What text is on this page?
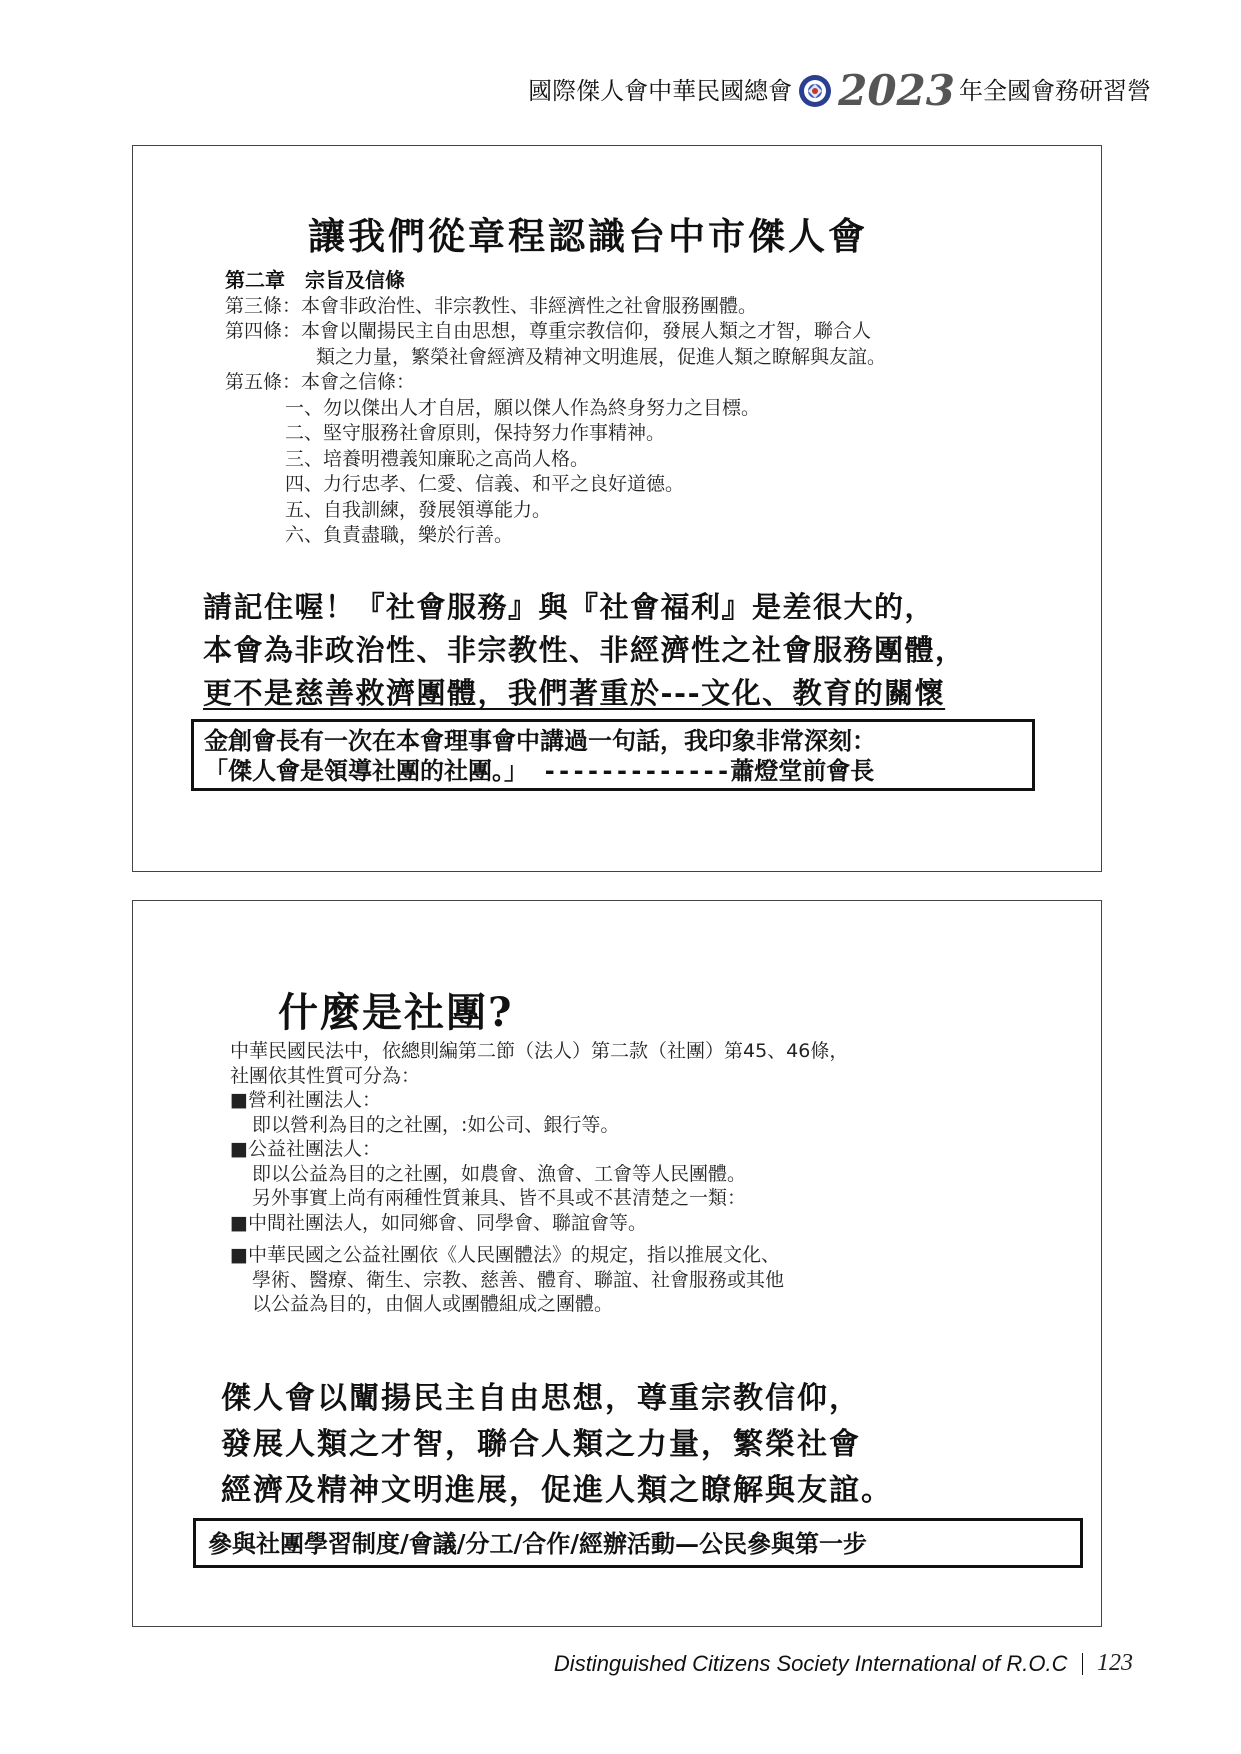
國際傑人會中華民國總會 2023 年全國會務研習營
讓我們從章程認識台中市傑人會
第二章　宗旨及信條
第三條：本會非政治性、非宗教性、非經濟性之社會服務團體。
第四條：本會以闡揚民主自由思想，尊重宗教信仰，發展人類之才智，聯合人
類之力量，繁榮社會經濟及精神文明進展，促進人類之瞭解與友誼。
第五條：本會之信條：
一、勿以傑出人才自居，願以傑人作為終身努力之目標。
二、堅守服務社會原則，保持努力作事精神。
三、培養明禮義知廉恥之高尚人格。
四、力行忠孝、仁愛、信義、和平之良好道德。
五、自我訓練，發展領導能力。
六、負責盡職，樂於行善。
請記住喔！『社會服務』與『社會福利』是差很大的，
本會為非政治性、非宗教性、非經濟性之社會服務團體，
更不是慈善救濟團體，我們著重於---文化、教育的關懷
金創會長有一次在本會理事會中講過一句話，我印象非常深刻：
「傑人會是領導社團的社團。」 -------------蕭燈堂前會長
什麼是社團?
中華民國民法中，依總則編第二節（法人）第二款（社團）第45、46條，
社團依其性質可分為：
■營利社團法人：
即以營利為目的之社團，:如公司、銀行等。
■公益社團法人：
即以公益為目的之社團，如農會、漁會、工會等人民團體。
另外事實上尚有兩種性質兼具、皆不具或不甚清楚之一類：
■中間社團法人，如同鄉會、同學會、聯誼會等。
■中華民國之公益社團依《人民團體法》的規定，指以推展文化、
學術、醫療、衛生、宗教、慈善、體育、聯誼、社會服務或其他
以公益為目的，由個人或團體組成之團體。
傑人會以闡揚民主自由思想，尊重宗教信仰，
發展人類之才智，聯合人類之力量，繁榮社會
經濟及精神文明進展，促進人類之瞭解與友誼。
參與社團學習制度/會議/分工/合作/經辦活動—公民參與第一步
Distinguished Citizens Society International of R.O.C 123
